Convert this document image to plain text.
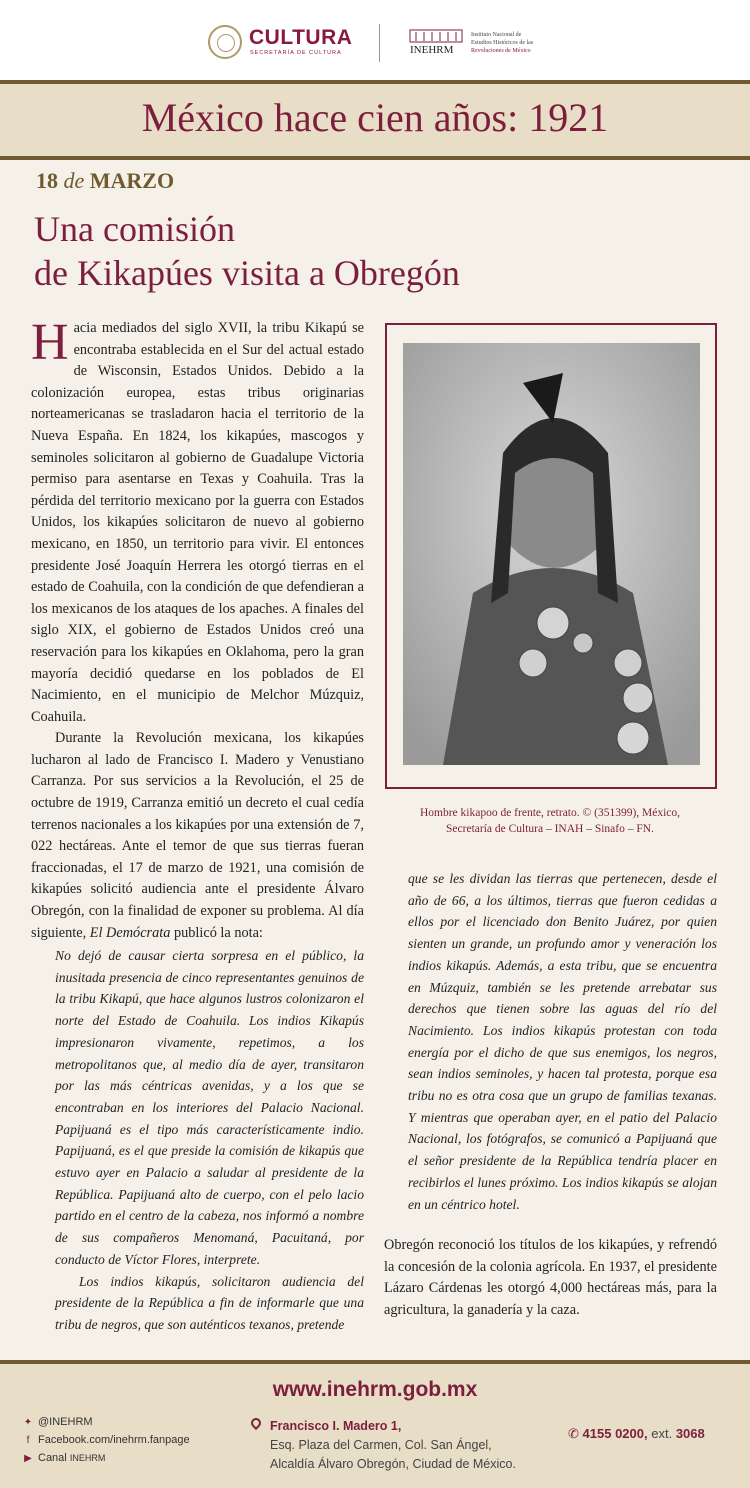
CULTURA
SECRETARÍA DE CULTURA	INEHRM
Instituto Nacional de
Estudios Históricos de las
Revoluciones de México
México hace cien años: 1921
18 de MARZO
Una comisión
de Kikapúes visita a Obregón

Hacia mediados del siglo XVII, la tribu Kikapú se encontraba establecida en el Sur del actual estado de Wisconsin, Estados Unidos. Debido a la colonización europea, estas tribus originarias norteamericanas se trasladaron hacia el territorio de la Nueva España. En 1824, los kikapúes, mascogos y seminoles solicitaron al gobierno de Guadalupe Victoria permiso para asentarse en Texas y Coahuila. Tras la pérdida del territorio mexicano por la guerra con Estados Unidos, los kikapúes solicitaron de nuevo al gobierno mexicano, en 1850, un territorio para vivir. El entonces presidente José Joaquín Herrera les otorgó tierras en el estado de Coahuila, con la condición de que defendieran a los mexicanos de los ataques de los apaches. A finales del siglo XIX, el gobierno de Estados Unidos creó una reservación para los kikapúes en Oklahoma, pero la gran mayoría decidió quedarse en los poblados de El Nacimiento, en el municipio de Melchor Múzquiz, Coahuila.

Durante la Revolución mexicana, los kikapúes lucharon al lado de Francisco I. Madero y Venustiano Carranza. Por sus servicios a la Revolución, el 25 de octubre de 1919, Carranza emitió un decreto el cual cedía terrenos nacionales a los kikapúes por una extensión de 7, 022 hectáreas. Ante el temor de que sus tierras fueran fraccionadas, el 17 de marzo de 1921, una comisión de kikapúes solicitó audiencia ante el presidente Álvaro Obregón, con la finalidad de exponer su problema. Al día siguiente, El Demócrata publicó la nota:

No dejó de causar cierta sorpresa en el público, la inusitada presencia de cinco representantes genuinos de la tribu Kikapú, que hace algunos lustros colonizaron el norte del Estado de Coahuila. Los indios Kikapús impresionaron vivamente, repetimos, a los metropolitanos que, al medio día de ayer, transitaron por las más céntricas avenidas, y a los que se encontraban en los interiores del Palacio Nacional. Papijuaná es el tipo más característicamente indio. Papijuaná, es el que preside la comisión de kikapús que estuvo ayer en Palacio a saludar al presidente de la República. Papijuaná alto de cuerpo, con el pelo lacio partido en el centro de la cabeza, nos informó a nombre de sus compañeros Menomaná, Pacuitaná, por conducto de Víctor Flores, interprete.

Los indios kikapús, solicitaron audiencia del presidente de la República a fin de informarle que una tribu de negros, que son auténticos texanos, pretende

Hombre kikapoo de frente, retrato. © (351399), México,
Secretaría de Cultura – INAH – Sinafo – FN.
que se les dividan las tierras que pertenecen, desde el año de 66, a los últimos, tierras que fueron cedidas a ellos por el licenciado don Benito Juárez, por quien sienten un grande, un profundo amor y veneración los indios kikapús. Además, a esta tribu, que se encuentra en Múzquiz, también se les pretende arrebatar sus derechos que tienen sobre las aguas del río del Nacimiento. Los indios kikapús protestan con toda energía por el dicho de que sus enemigos, los negros, sean indios seminoles, y hacen tal protesta, porque esa tribu no es otra cosa que un grupo de familias texanas. Y mientras que operaban ayer, en el patio del Palacio Nacional, los fotógrafos, se comunicó a Papijuaná que el señor presidente de la República tendría placer en recibirlos el lunes próximo. Los indios kikapús se alojan en un céntrico hotel.
Obregón reconoció los títulos de los kikapúes, y refrendó la concesión de la colonia agrícola. En 1937, el presidente Lázaro Cárdenas les otorgó 4,000 hectáreas más, para la agricultura, la ganadería y la caza.
www.inehrm.gob.mx
✦ @INEHRM
f Facebook.com/inehrm.fanpage
▶ Canal INEHRM
Francisco I. Madero 1,
Esq. Plaza del Carmen, Col. San Ángel,
Alcaldía Álvaro Obregón, Ciudad de México.
✆ 4155 0200, ext. 3068
